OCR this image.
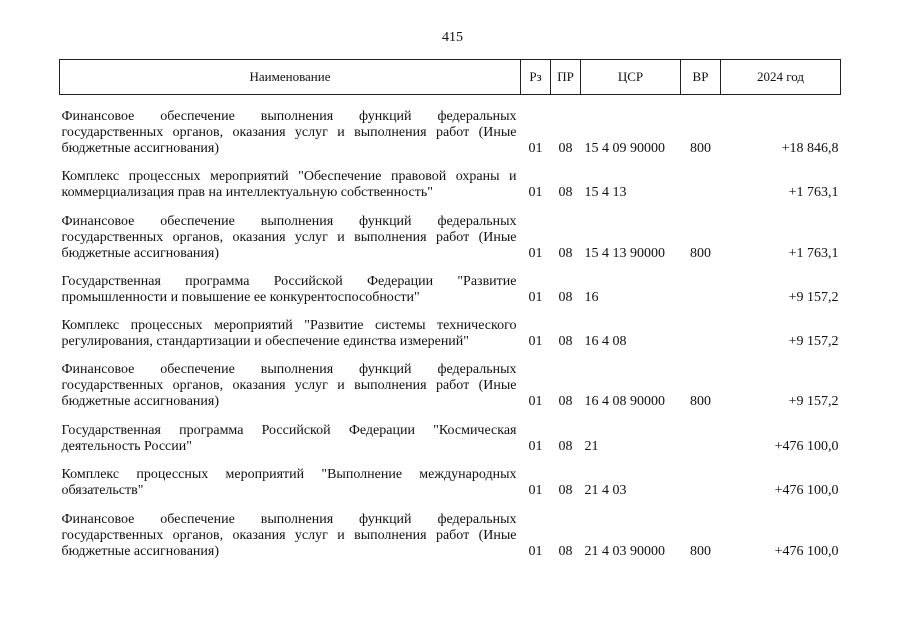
415
Наименование	Рз	ПР	ЦСР	ВР	2024 год
Финансовое обеспечение выполнения функций федеральных государственных органов, оказания услуг и выполнения работ (Иные бюджетные ассигнования)	01	08	15 4 09 90000	800	+18 846,8
Комплекс процессных мероприятий "Обеспечение правовой охраны и коммерциализация прав на интеллектуальную собственность"	01	08	15 4 13		+1 763,1
Финансовое обеспечение выполнения функций федеральных государственных органов, оказания услуг и выполнения работ (Иные бюджетные ассигнования)	01	08	15 4 13 90000	800	+1 763,1
Государственная программа Российской Федерации "Развитие промышленности и повышение ее конкурентоспособности"	01	08	16		+9 157,2
Комплекс процессных мероприятий "Развитие системы технического регулирования, стандартизации и обеспечение единства измерений"	01	08	16 4 08		+9 157,2
Финансовое обеспечение выполнения функций федеральных государственных органов, оказания услуг и выполнения работ (Иные бюджетные ассигнования)	01	08	16 4 08 90000	800	+9 157,2
Государственная программа Российской Федерации "Космическая деятельность России"	01	08	21		+476 100,0
Комплекс процессных мероприятий "Выполнение международных обязательств"	01	08	21 4 03		+476 100,0
Финансовое обеспечение выполнения функций федеральных государственных органов, оказания услуг и выполнения работ (Иные бюджетные ассигнования)	01	08	21 4 03 90000	800	+476 100,0
